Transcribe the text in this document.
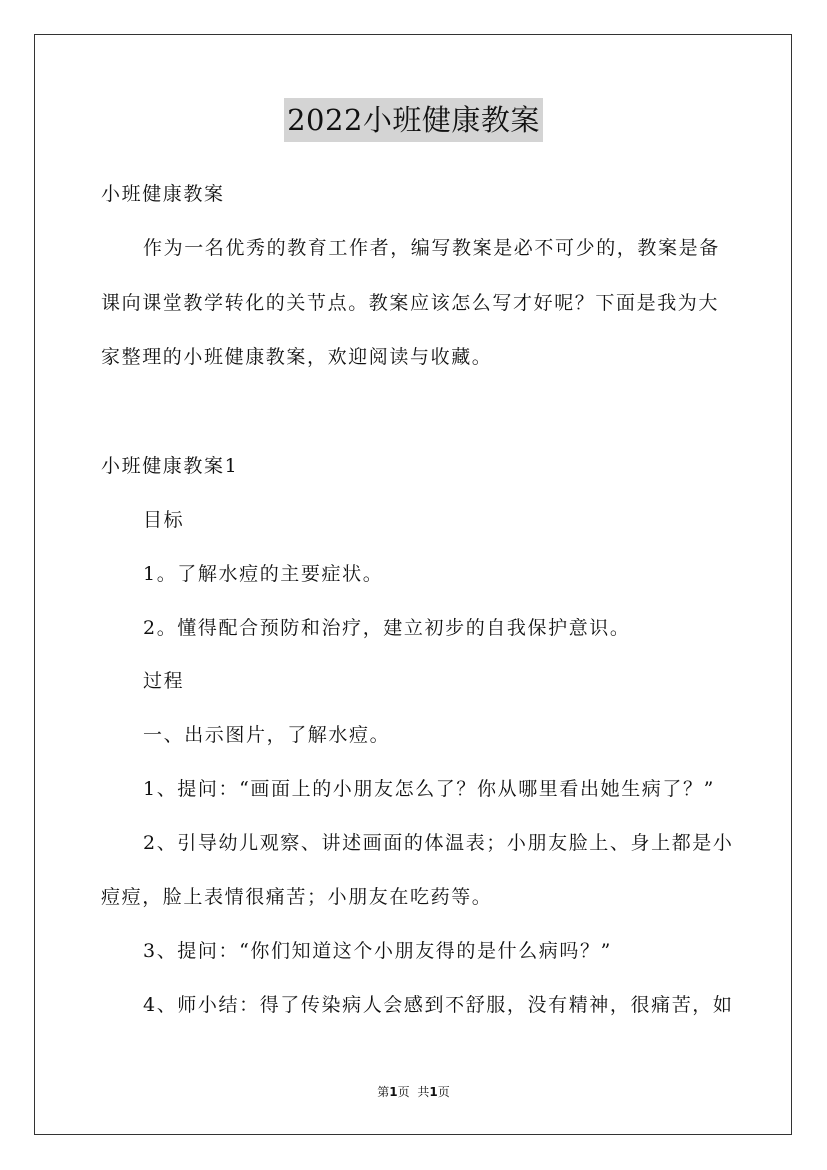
2022小班健康教案
小班健康教案
作为一名优秀的教育工作者，编写教案是必不可少的，教案是备
课向课堂教学转化的关节点。教案应该怎么写才好呢？下面是我为大
家整理的小班健康教案，欢迎阅读与收藏。
小班健康教案1
目标
1。了解水痘的主要症状。
2。懂得配合预防和治疗，建立初步的自我保护意识。
过程
一、出示图片，了解水痘。
1、提问：“画面上的小朋友怎么了？你从哪里看出她生病了？”
2、引导幼儿观察、讲述画面的体温表；小朋友脸上、身上都是小
痘痘，脸上表情很痛苦；小朋友在吃药等。
3、提问：“你们知道这个小朋友得的是什么病吗？”
4、师小结：得了传染病人会感到不舒服，没有精神，很痛苦，如
第1页 共1页
